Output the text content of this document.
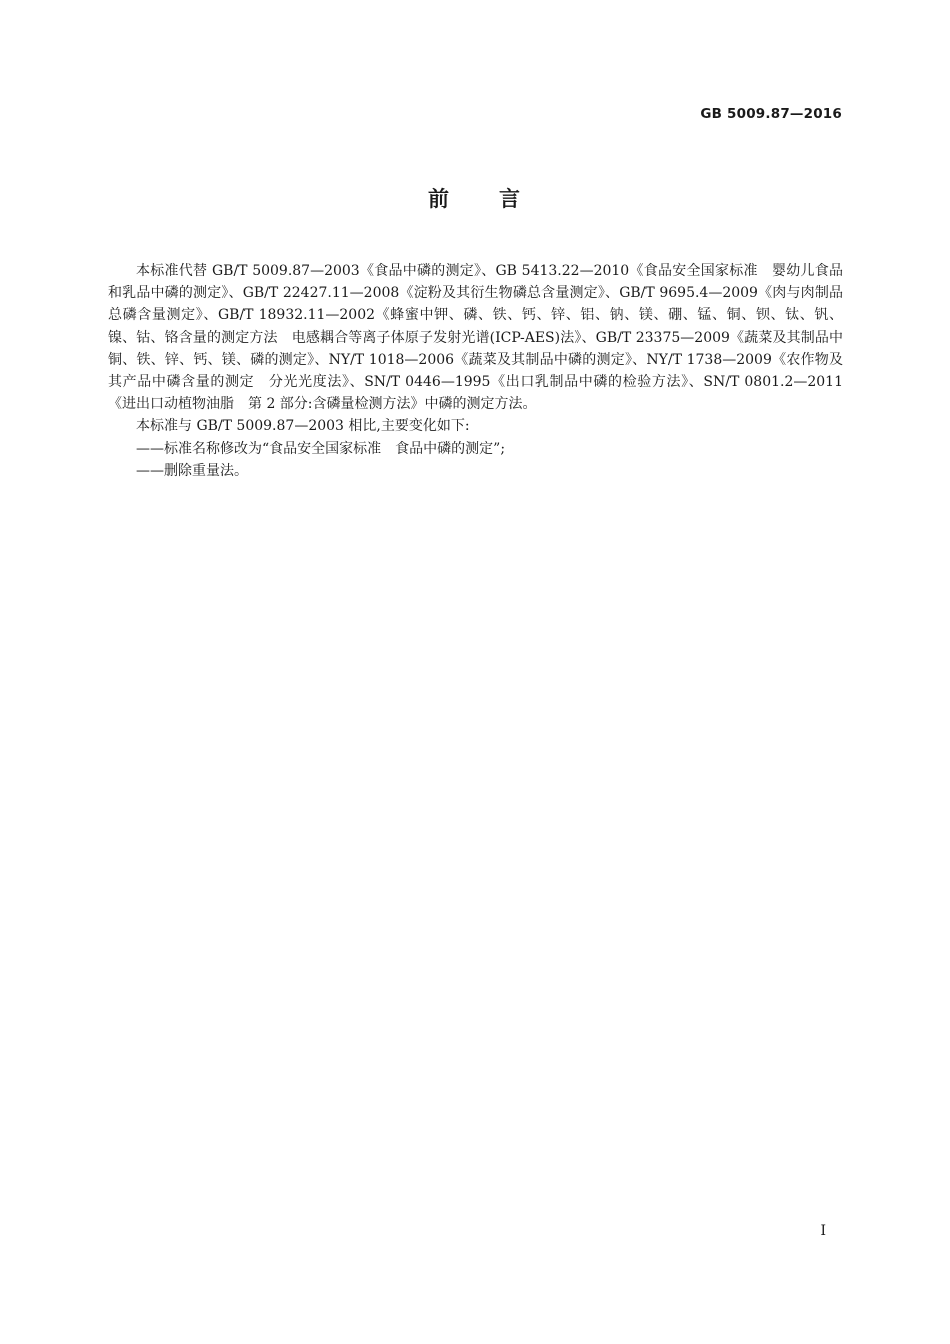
GB 5009.87—2016
前 言

本标准代替 GB/T 5009.87—2003《食品中磷的测定》、GB 5413.22—2010《食品安全国家标准　婴幼儿食品和乳品中磷的测定》、GB/T 22427.11—2008《淀粉及其衍生物磷总含量测定》、GB/T 9695.4—2009《肉与肉制品　总磷含量测定》、GB/T 18932.11—2002《蜂蜜中钾、磷、铁、钙、锌、铝、钠、镁、硼、锰、铜、钡、钛、钒、镍、钴、铬含量的测定方法　电感耦合等离子体原子发射光谱(ICP-AES)法》、GB/T 23375—2009《蔬菜及其制品中铜、铁、锌、钙、镁、磷的测定》、NY/T 1018—2006《蔬菜及其制品中磷的测定》、NY/T 1738—2009《农作物及其产品中磷含量的测定　分光光度法》、SN/T 0446—1995《出口乳制品中磷的检验方法》、SN/T 0801.2—2011《进出口动植物油脂　第 2 部分:含磷量检测方法》中磷的测定方法。

本标准与 GB/T 5009.87—2003 相比,主要变化如下:

——标准名称修改为“食品安全国家标准　食品中磷的测定”;

——删除重量法。

I
